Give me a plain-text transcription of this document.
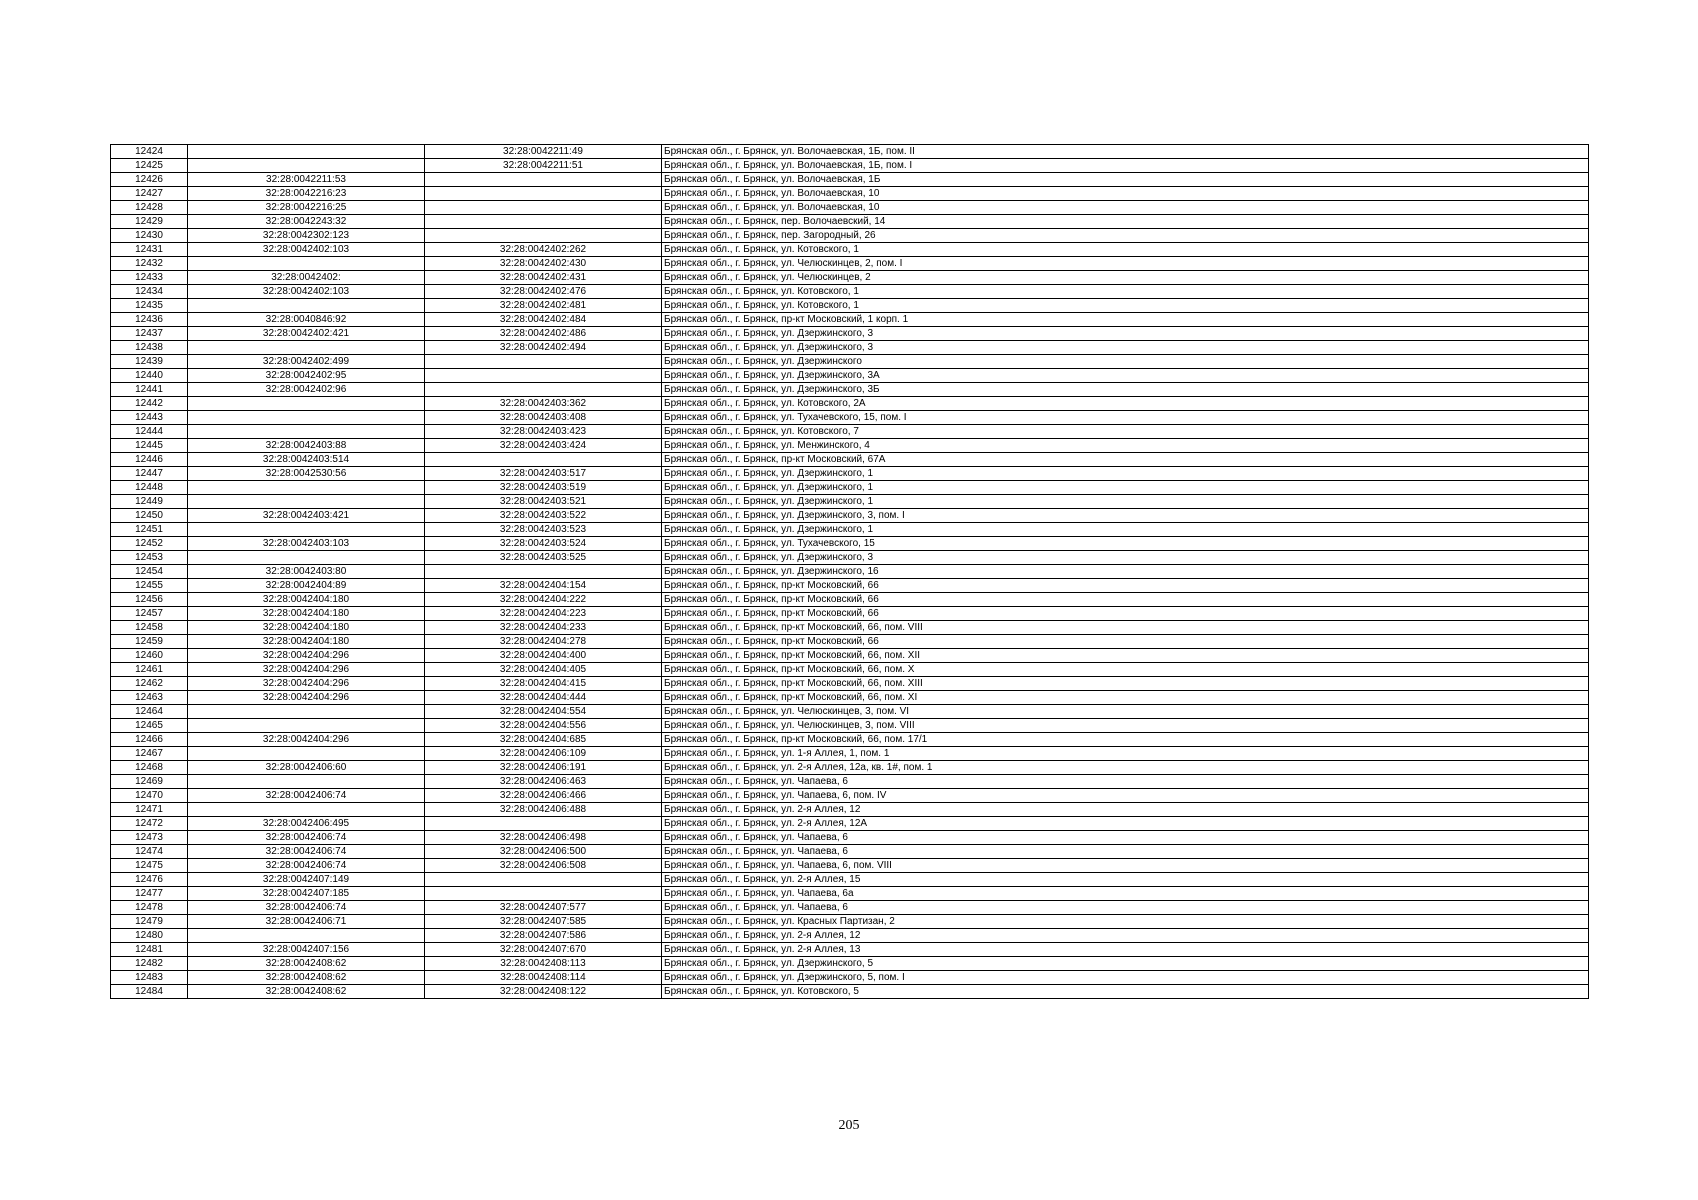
12424		32:28:0042211:49	Брянская обл., г. Брянск, ул. Волочаевская, 1Б, пом. II
12425		32:28:0042211:51	Брянская обл., г. Брянск, ул. Волочаевская, 1Б, пом. I
12426	32:28:0042211:53		Брянская обл., г. Брянск, ул. Волочаевская, 1Б
12427	32:28:0042216:23		Брянская обл., г. Брянск, ул. Волочаевская, 10
12428	32:28:0042216:25		Брянская обл., г. Брянск, ул. Волочаевская, 10
12429	32:28:0042243:32		Брянская обл., г. Брянск, пер. Волочаевский, 14
12430	32:28:0042302:123		Брянская обл., г. Брянск, пер. Загородный, 26
12431	32:28:0042402:103	32:28:0042402:262	Брянская обл., г. Брянск, ул. Котовского, 1
12432		32:28:0042402:430	Брянская обл., г. Брянск, ул. Челюскинцев, 2, пом. I
12433	32:28:0042402:	32:28:0042402:431	Брянская обл., г. Брянск, ул. Челюскинцев, 2
12434	32:28:0042402:103	32:28:0042402:476	Брянская обл., г. Брянск, ул. Котовского, 1
12435		32:28:0042402:481	Брянская обл., г. Брянск, ул. Котовского, 1
12436	32:28:0040846:92	32:28:0042402:484	Брянская обл., г. Брянск, пр-кт Московский, 1 корп. 1
12437	32:28:0042402:421	32:28:0042402:486	Брянская обл., г. Брянск, ул. Дзержинского, 3
12438		32:28:0042402:494	Брянская обл., г. Брянск, ул. Дзержинского, 3
12439	32:28:0042402:499		Брянская обл., г. Брянск, ул. Дзержинского
12440	32:28:0042402:95		Брянская обл., г. Брянск, ул. Дзержинского, 3А
12441	32:28:0042402:96		Брянская обл., г. Брянск, ул. Дзержинского, 3Б
12442		32:28:0042403:362	Брянская обл., г. Брянск, ул. Котовского, 2А
12443		32:28:0042403:408	Брянская обл., г. Брянск, ул. Тухачевского, 15, пом. I
12444		32:28:0042403:423	Брянская обл., г. Брянск, ул. Котовского, 7
12445	32:28:0042403:88	32:28:0042403:424	Брянская обл., г. Брянск, ул. Менжинского, 4
12446	32:28:0042403:514		Брянская обл., г. Брянск, пр-кт Московский, 67А
12447	32:28:0042530:56	32:28:0042403:517	Брянская обл., г. Брянск, ул. Дзержинского, 1
12448		32:28:0042403:519	Брянская обл., г. Брянск, ул. Дзержинского, 1
12449		32:28:0042403:521	Брянская обл., г. Брянск, ул. Дзержинского, 1
12450	32:28:0042403:421	32:28:0042403:522	Брянская обл., г. Брянск, ул. Дзержинского, 3, пом. I
12451		32:28:0042403:523	Брянская обл., г. Брянск, ул. Дзержинского, 1
12452	32:28:0042403:103	32:28:0042403:524	Брянская обл., г. Брянск, ул. Тухачевского, 15
12453		32:28:0042403:525	Брянская обл., г. Брянск, ул. Дзержинского, 3
12454	32:28:0042403:80		Брянская обл., г. Брянск, ул. Дзержинского, 16
12455	32:28:0042404:89	32:28:0042404:154	Брянская обл., г. Брянск, пр-кт Московский, 66
12456	32:28:0042404:180	32:28:0042404:222	Брянская обл., г. Брянск, пр-кт Московский, 66
12457	32:28:0042404:180	32:28:0042404:223	Брянская обл., г. Брянск, пр-кт Московский, 66
12458	32:28:0042404:180	32:28:0042404:233	Брянская обл., г. Брянск, пр-кт Московский, 66, пом. VIII
12459	32:28:0042404:180	32:28:0042404:278	Брянская обл., г. Брянск, пр-кт Московский, 66
12460	32:28:0042404:296	32:28:0042404:400	Брянская обл., г. Брянск, пр-кт Московский, 66, пом. XII
12461	32:28:0042404:296	32:28:0042404:405	Брянская обл., г. Брянск, пр-кт Московский, 66, пом. X
12462	32:28:0042404:296	32:28:0042404:415	Брянская обл., г. Брянск, пр-кт Московский, 66, пом. XIII
12463	32:28:0042404:296	32:28:0042404:444	Брянская обл., г. Брянск, пр-кт Московский, 66, пом. XI
12464		32:28:0042404:554	Брянская обл., г. Брянск, ул. Челюскинцев, 3, пом. VI
12465		32:28:0042404:556	Брянская обл., г. Брянск, ул. Челюскинцев, 3, пом. VIII
12466	32:28:0042404:296	32:28:0042404:685	Брянская обл., г. Брянск, пр-кт Московский, 66, пом. 17/1
12467		32:28:0042406:109	Брянская обл., г. Брянск, ул. 1-я Аллея, 1, пом. 1
12468	32:28:0042406:60	32:28:0042406:191	Брянская обл., г. Брянск, ул. 2-я Аллея, 12а, кв. 1#, пом. 1
12469		32:28:0042406:463	Брянская обл., г. Брянск, ул. Чапаева, 6
12470	32:28:0042406:74	32:28:0042406:466	Брянская обл., г. Брянск, ул. Чапаева, 6, пом. IV
12471		32:28:0042406:488	Брянская обл., г. Брянск, ул. 2-я Аллея, 12
12472	32:28:0042406:495		Брянская обл., г. Брянск, ул. 2-я Аллея, 12А
12473	32:28:0042406:74	32:28:0042406:498	Брянская обл., г. Брянск, ул. Чапаева, 6
12474	32:28:0042406:74	32:28:0042406:500	Брянская обл., г. Брянск, ул. Чапаева, 6
12475	32:28:0042406:74	32:28:0042406:508	Брянская обл., г. Брянск, ул. Чапаева, 6, пом. VIII
12476	32:28:0042407:149		Брянская обл., г. Брянск, ул. 2-я Аллея, 15
12477	32:28:0042407:185		Брянская обл., г. Брянск, ул. Чапаева, 6а
12478	32:28:0042406:74	32:28:0042407:577	Брянская обл., г. Брянск, ул. Чапаева, 6
12479	32:28:0042406:71	32:28:0042407:585	Брянская обл., г. Брянск, ул. Красных Партизан, 2
12480		32:28:0042407:586	Брянская обл., г. Брянск, ул. 2-я Аллея, 12
12481	32:28:0042407:156	32:28:0042407:670	Брянская обл., г. Брянск, ул. 2-я Аллея, 13
12482	32:28:0042408:62	32:28:0042408:113	Брянская обл., г. Брянск, ул. Дзержинского, 5
12483	32:28:0042408:62	32:28:0042408:114	Брянская обл., г. Брянск, ул. Дзержинского, 5, пом. I
12484	32:28:0042408:62	32:28:0042408:122	Брянская обл., г. Брянск, ул. Котовского, 5
205
